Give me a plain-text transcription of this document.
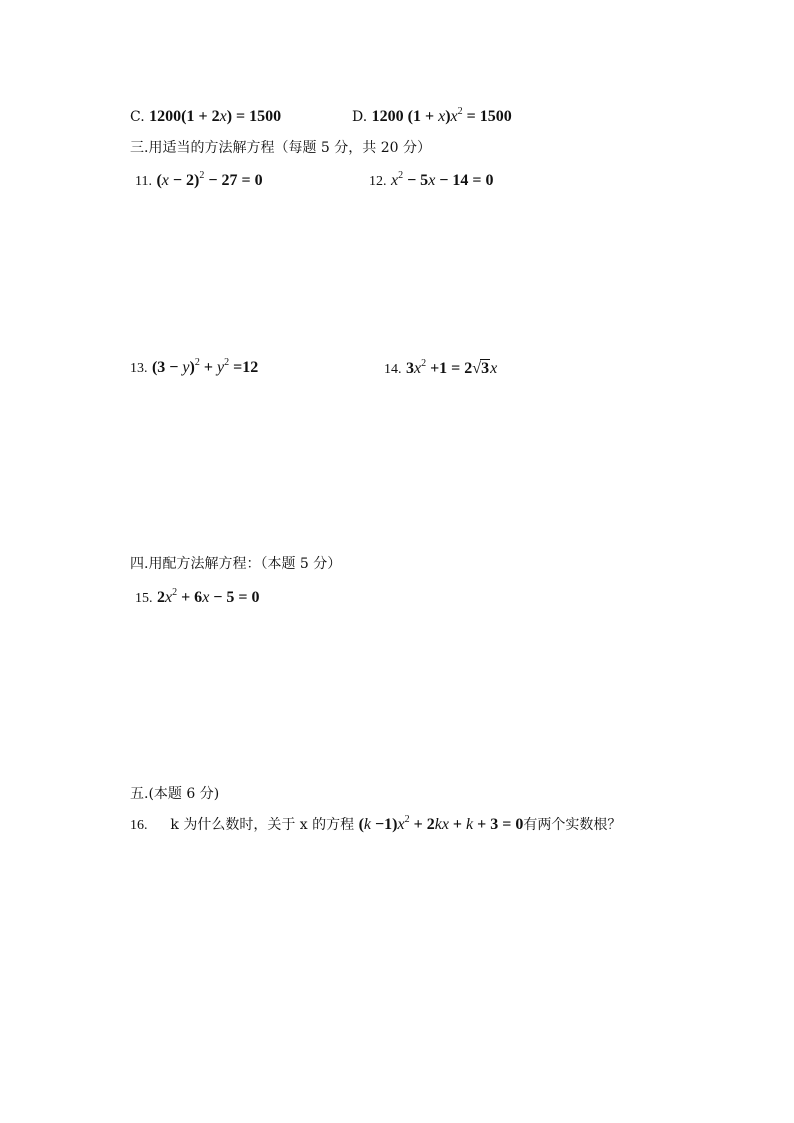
C. 1200(1 + 2x) = 1500	D. 1200 $(1 + x)x^2 = 1500$
三.用适当的方法解方程（每题 5 分，共 20 分）
11. $(x - 2)^2 - 27 = 0$	12. $x^2 - 5x - 14 = 0$
13. $(3 - y)^2 + y^2 =12$	14. $3x^2 +1 = 2√3x$
四.用配方法解方程：（本题 5 分）
15. $2x^2 + 6x - 5 = 0$
五.(本题 6 分)
16. k 为什么数时，关于 x 的方程 $(k -1)x^2 + 2kx + k + 3 = 0$有两个实数根？
